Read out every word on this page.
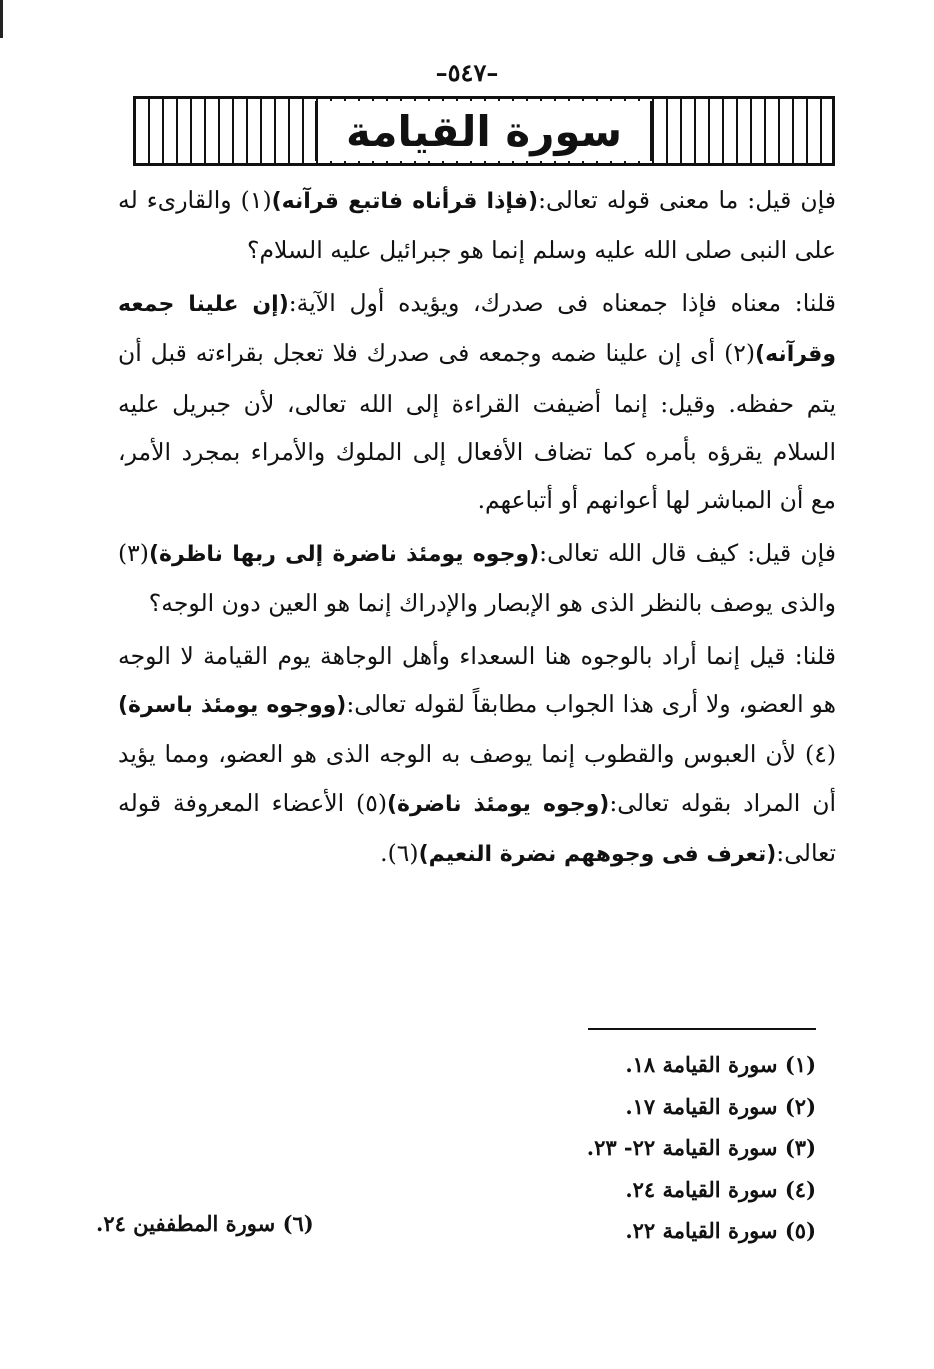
–٥٤٧–
سورة القيامة

فإن قيل: ما معنى قوله تعالى:(فإذا قرأناه فاتبع قرآنه)(١) والقارىء له على النبى صلى الله عليه وسلم إنما هو جبرائيل عليه السلام؟

قلنا: معناه فإذا جمعناه فى صدرك، ويؤيده أول الآية:(إن علينا جمعه وقرآنه)(٢) أى إن علينا ضمه وجمعه فى صدرك فلا تعجل بقراءته قبل أن يتم حفظه. وقيل: إنما أضيفت القراءة إلى الله تعالى، لأن جبريل عليه السلام يقرؤه بأمره كما تضاف الأفعال إلى الملوك والأمراء بمجرد الأمر، مع أن المباشر لها أعوانهم أو أتباعهم.

فإن قيل: كيف قال الله تعالى:(وجوه يومئذ ناضرة إلى ربها ناظرة)(٣) والذى يوصف بالنظر الذى هو الإبصار والإدراك إنما هو العين دون الوجه؟

قلنا: قيل إنما أراد بالوجوه هنا السعداء وأهل الوجاهة يوم القيامة لا الوجه هو العضو، ولا أرى هذا الجواب مطابقاً لقوله تعالى:(ووجوه يومئذ باسرة)(٤) لأن العبوس والقطوب إنما يوصف به الوجه الذى هو العضو، ومما يؤيد أن المراد بقوله تعالى:(وجوه يومئذ ناضرة)(٥) الأعضاء المعروفة قوله تعالى:(تعرف فى وجوههم نضرة النعيم)(٦).

(١) سورة القيامة ١٨.
(٢) سورة القيامة ١٧.
(٣) سورة القيامة ٢٢- ٢٣.
(٤) سورة القيامة ٢٤.
(٥) سورة القيامة ٢٢.
(٦) سورة المطففين ٢٤.
